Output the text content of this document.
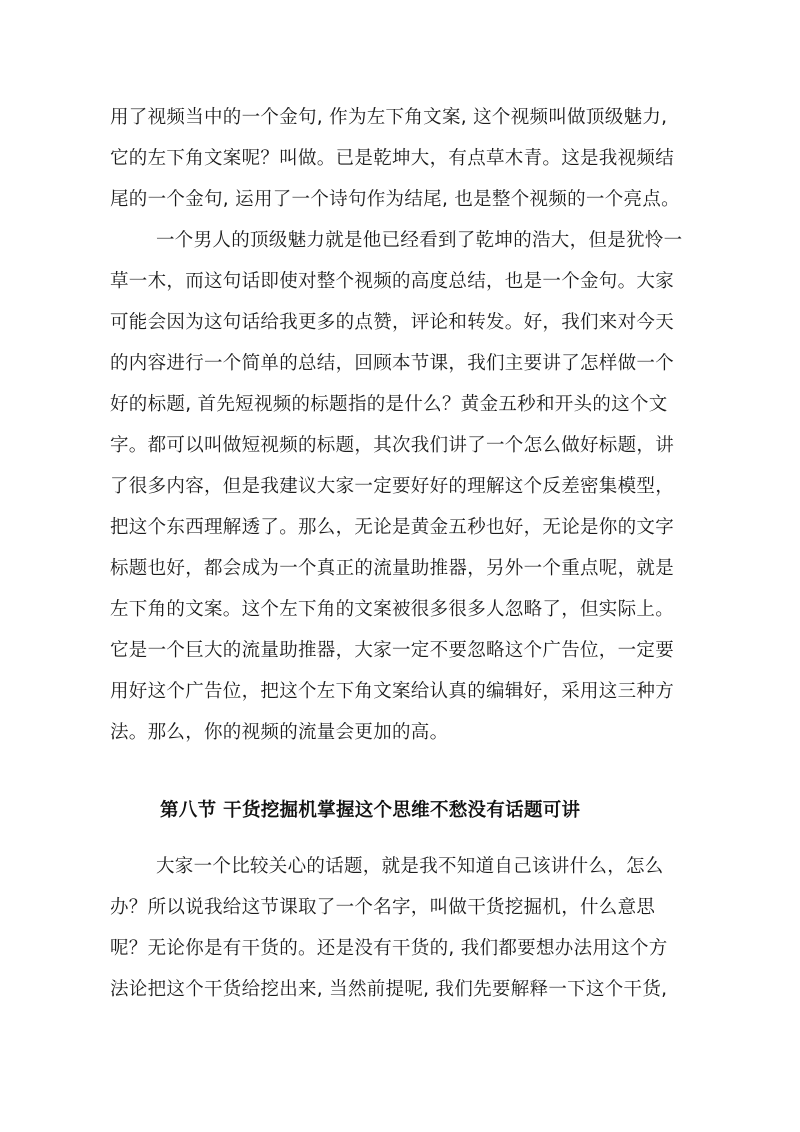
用了视频当中的一个金句, 作为左下角文案, 这个视频叫做顶级魅力,
它的左下角文案呢？叫做。已是乾坤大，有点草木青。这是我视频结
尾的一个金句, 运用了一个诗句作为结尾, 也是整个视频的一个亮点。
一个男人的顶级魅力就是他已经看到了乾坤的浩大，但是犹怜一
草一木，而这句话即使对整个视频的高度总结，也是一个金句。大家
可能会因为这句话给我更多的点赞，评论和转发。好，我们来对今天
的内容进行一个简单的总结，回顾本节课，我们主要讲了怎样做一个
好的标题, 首先短视频的标题指的是什么？黄金五秒和开头的这个文
字。都可以叫做短视频的标题，其次我们讲了一个怎么做好标题，讲
了很多内容，但是我建议大家一定要好好的理解这个反差密集模型，
把这个东西理解透了。那么，无论是黄金五秒也好，无论是你的文字
标题也好，都会成为一个真正的流量助推器，另外一个重点呢，就是
左下角的文案。这个左下角的文案被很多很多人忽略了，但实际上。
它是一个巨大的流量助推器，大家一定不要忽略这个广告位，一定要
用好这个广告位，把这个左下角文案给认真的编辑好，采用这三种方
法。那么，你的视频的流量会更加的高。
第八节 干货挖掘机掌握这个思维不愁没有话题可讲
大家一个比较关心的话题，就是我不知道自己该讲什么，怎么
办？所以说我给这节课取了一个名字，叫做干货挖掘机，什么意思
呢？无论你是有干货的。还是没有干货的, 我们都要想办法用这个方
法论把这个干货给挖出来, 当然前提呢, 我们先要解释一下这个干货,
